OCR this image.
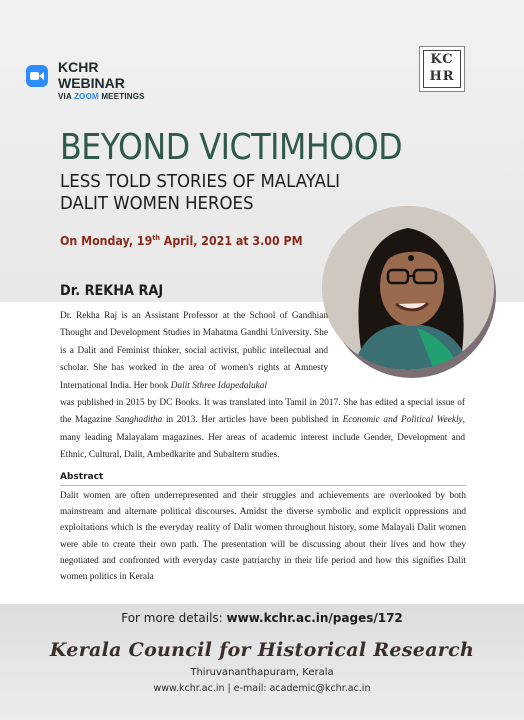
KCHR
WEBINAR
VIA ZOOM MEETINGS
KC
HR
BEYOND VICTIMHOOD
LESS TOLD STORIES OF MALAYALI DALIT WOMEN HEROES
On Monday, 19th April, 2021 at 3.00 PM
Dr. REKHA RAJ

Dr. Rekha Raj is an Assistant Professor at the School of Gandhian Thought and Development Studies in Mahatma Gandhi University. She is a Dalit and Feminist thinker, social activist, public intellectual and scholar. She has worked in the area of women's rights at Amnesty International India. Her book Dalit Sthree Idapedalukal
was published in 2015 by DC Books. It was translated into Tamil in 2017. She has edited a special issue of the Magazine Sanghaditha in 2013. Her articles have been published in Economic and Political Weekly, many leading Malayalam magazines. Her areas of academic interest include Gender, Development and Ethnic, Cultural, Dalit, Ambedkarite and Subaltern studies.

Abstract

Dalit women are often underrepresented and their struggles and achievements are overlooked by both mainstream and alternate political discourses. Amidst the diverse symbolic and explicit oppressions and exploitations which is the everyday reality of Dalit women throughout history, some Malayali Dalit women were able to create their own path. The presentation will be discussing about their lives and how they negotiated and confronted with everyday caste patriarchy in their life period and how this signifies Dalit women politics in Kerala

For more details: www.kchr.ac.in/pages/172
Kerala Council for Historical Research
Thiruvananthapuram, Kerala
www.kchr.ac.in | e-mail: academic@kchr.ac.in
